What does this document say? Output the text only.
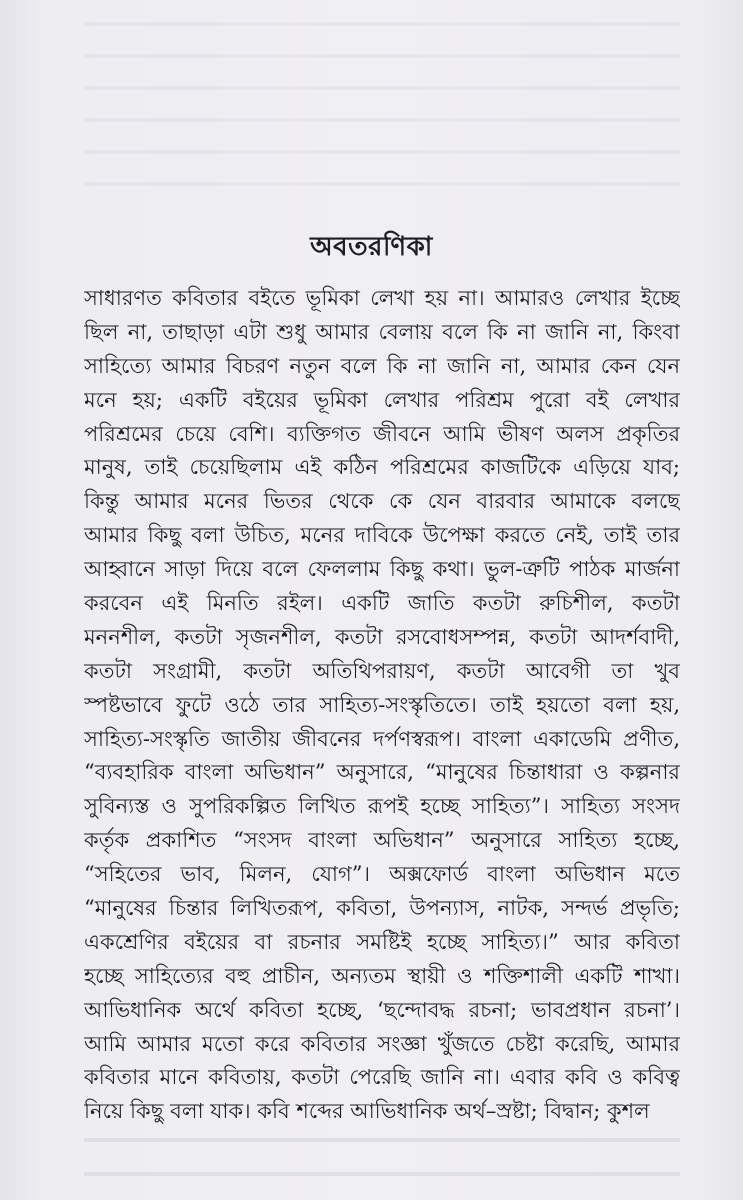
অবতরণিকা
সাধারণত কবিতার বইতে ভূমিকা লেখা হয় না। আমারও লেখার ইচ্ছে
ছিল না, তাছাড়া এটা শুধু আমার বেলায় বলে কি না জানি না, কিংবা
সাহিত্যে আমার বিচরণ নতুন বলে কি না জানি না, আমার কেন যেন
মনে হয়; একটি বইয়ের ভূমিকা লেখার পরিশ্রম পুরো বই লেখার
পরিশ্রমের চেয়ে বেশি। ব্যক্তিগত জীবনে আমি ভীষণ অলস প্রকৃতির
মানুষ, তাই চেয়েছিলাম এই কঠিন পরিশ্রমের কাজটিকে এড়িয়ে যাব;
কিন্তু আমার মনের ভিতর থেকে কে যেন বারবার আমাকে বলছে
আমার কিছু বলা উচিত, মনের দাবিকে উপেক্ষা করতে নেই, তাই তার
আহ্বানে সাড়া দিয়ে বলে ফেললাম কিছু কথা। ভুল-ত্রুটি পাঠক মার্জনা
করবেন এই মিনতি রইল। একটি জাতি কতটা রুচিশীল, কতটা
মননশীল, কতটা সৃজনশীল, কতটা রসবোধসম্পন্ন, কতটা আদর্শবাদী,
কতটা সংগ্রামী, কতটা অতিথিপরায়ণ, কতটা আবেগী তা খুব
স্পষ্টভাবে ফুটে ওঠে তার সাহিত্য-সংস্কৃতিতে। তাই হয়তো বলা হয়,
সাহিত্য-সংস্কৃতি জাতীয় জীবনের দর্পণস্বরূপ। বাংলা একাডেমি প্রণীত,
“ব্যবহারিক বাংলা অভিধান” অনুসারে, “মানুষের চিন্তাধারা ও কল্পনার
সুবিন্যস্ত ও সুপরিকল্পিত লিখিত রূপই হচ্ছে সাহিত্য”। সাহিত্য সংসদ
কর্তৃক প্রকাশিত “সংসদ বাংলা অভিধান” অনুসারে সাহিত্য হচ্ছে,
“সহিতের ভাব, মিলন, যোগ”। অক্সফোর্ড বাংলা অভিধান মতে
“মানুষের চিন্তার লিখিতরূপ, কবিতা, উপন্যাস, নাটক, সন্দর্ভ প্রভৃতি;
একশ্রেণির বইয়ের বা রচনার সমষ্টিই হচ্ছে সাহিত্য।” আর কবিতা
হচ্ছে সাহিত্যের বহু প্রাচীন, অন্যতম স্থায়ী ও শক্তিশালী একটি শাখা।
আভিধানিক অর্থে কবিতা হচ্ছে, ‘ছন্দোবদ্ধ রচনা; ভাবপ্রধান রচনা’।
আমি আমার মতো করে কবিতার সংজ্ঞা খুঁজতে চেষ্টা করেছি, আমার
কবিতার মানে কবিতায়, কতটা পেরেছি জানি না। এবার কবি ও কবিত্ব
নিয়ে কিছু বলা যাক। কবি শব্দের আভিধানিক অর্থ–স্রষ্টা; বিদ্বান; কুশল
